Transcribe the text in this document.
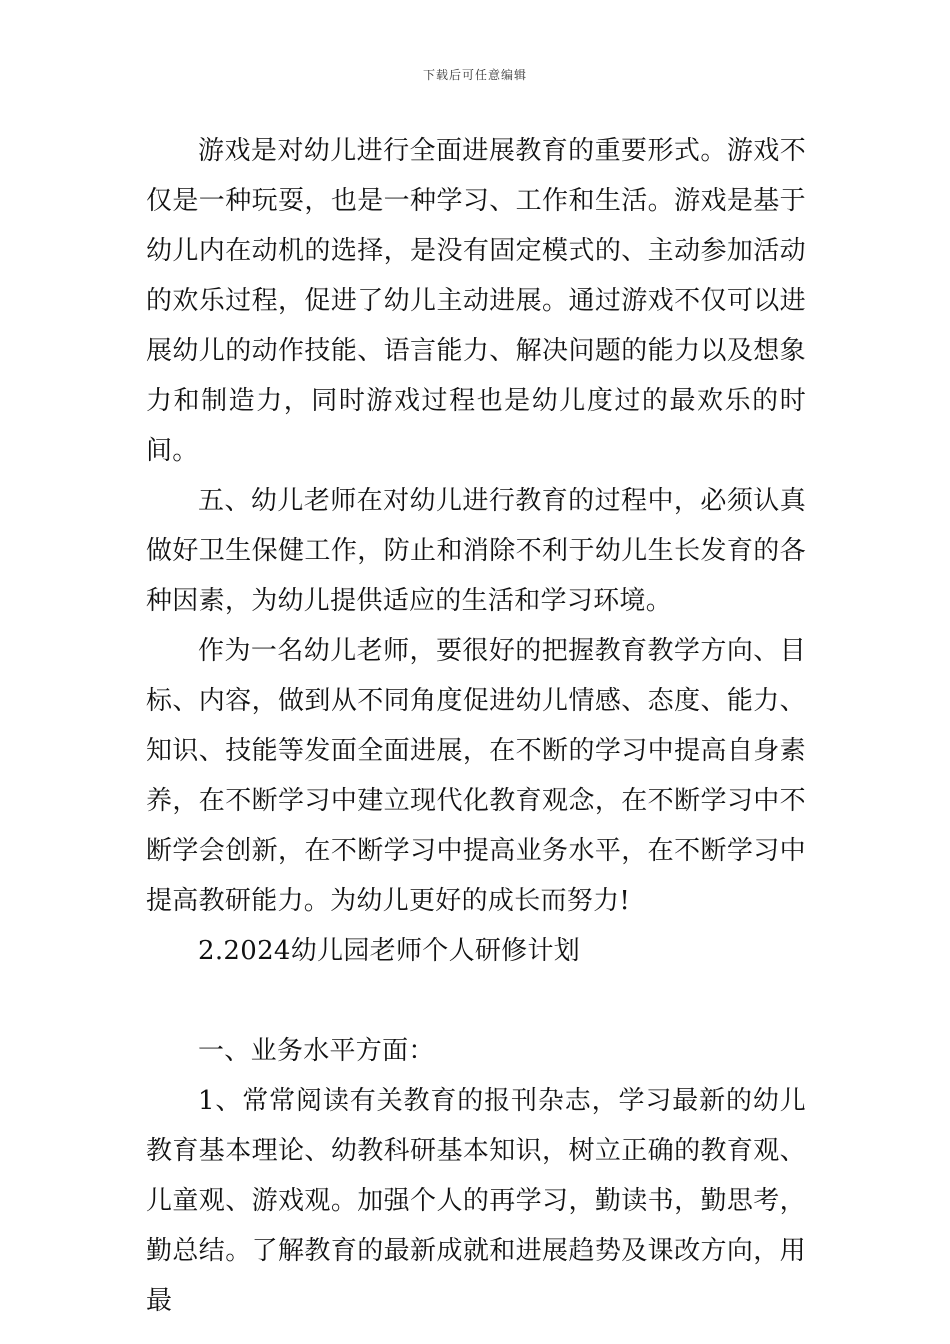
下载后可任意编辑

游戏是对幼儿进行全面进展教育的重要形式。游戏不仅是一种玩耍，也是一种学习、工作和生活。游戏是基于幼儿内在动机的选择，是没有固定模式的、主动参加活动的欢乐过程，促进了幼儿主动进展。通过游戏不仅可以进展幼儿的动作技能、语言能力、解决问题的能力以及想象力和制造力，同时游戏过程也是幼儿度过的最欢乐的时间。

五、幼儿老师在对幼儿进行教育的过程中，必须认真做好卫生保健工作，防止和消除不利于幼儿生长发育的各种因素，为幼儿提供适应的生活和学习环境。

作为一名幼儿老师，要很好的把握教育教学方向、目标、内容，做到从不同角度促进幼儿情感、态度、能力、知识、技能等发面全面进展，在不断的学习中提高自身素养，在不断学习中建立现代化教育观念，在不断学习中不断学会创新，在不断学习中提高业务水平，在不断学习中提高教研能力。为幼儿更好的成长而努力!

2.2024幼儿园老师个人研修计划

一、业务水平方面：

1、常常阅读有关教育的报刊杂志，学习最新的幼儿教育基本理论、幼教科研基本知识，树立正确的教育观、儿童观、游戏观。加强个人的再学习，勤读书，勤思考，勤总结。了解教育的最新成就和进展趋势及课改方向，用最
